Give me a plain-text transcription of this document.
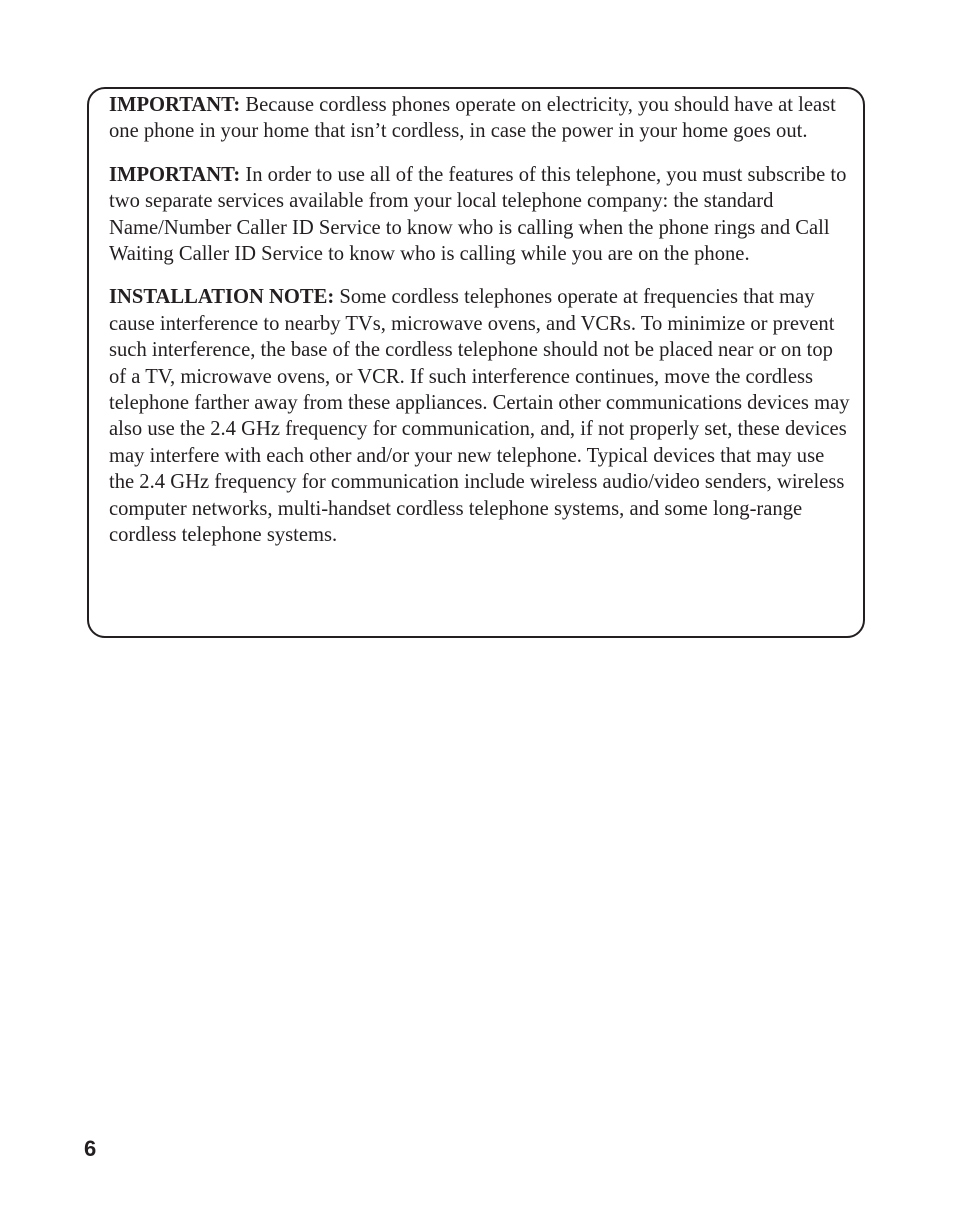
IMPORTANT: Because cordless phones operate on electricity, you should have at least one phone in your home that isn’t cordless, in case the power in your home goes out.

IMPORTANT: In order to use all of the features of this telephone, you must subscribe to two separate services available from your local telephone company: the standard Name/Number Caller ID Service to know who is calling when the phone rings and Call Waiting Caller ID Service to know who is calling while you are on the phone.

INSTALLATION NOTE: Some cordless telephones operate at frequencies that may cause interference to nearby TVs, microwave ovens, and VCRs. To minimize or prevent such interference, the base of the cordless telephone should not be placed near or on top of a TV, microwave ovens, or VCR. If such interference continues, move the cordless telephone farther away from these appliances. Certain other communications devices may also use the 2.4 GHz frequency for communication, and, if not properly set, these devices may interfere with each other and/or your new telephone. Typical devices that may use the 2.4 GHz frequency for communication include wireless audio/video senders, wireless computer networks, multi-handset cordless telephone systems, and some long-range cordless telephone systems.

6
